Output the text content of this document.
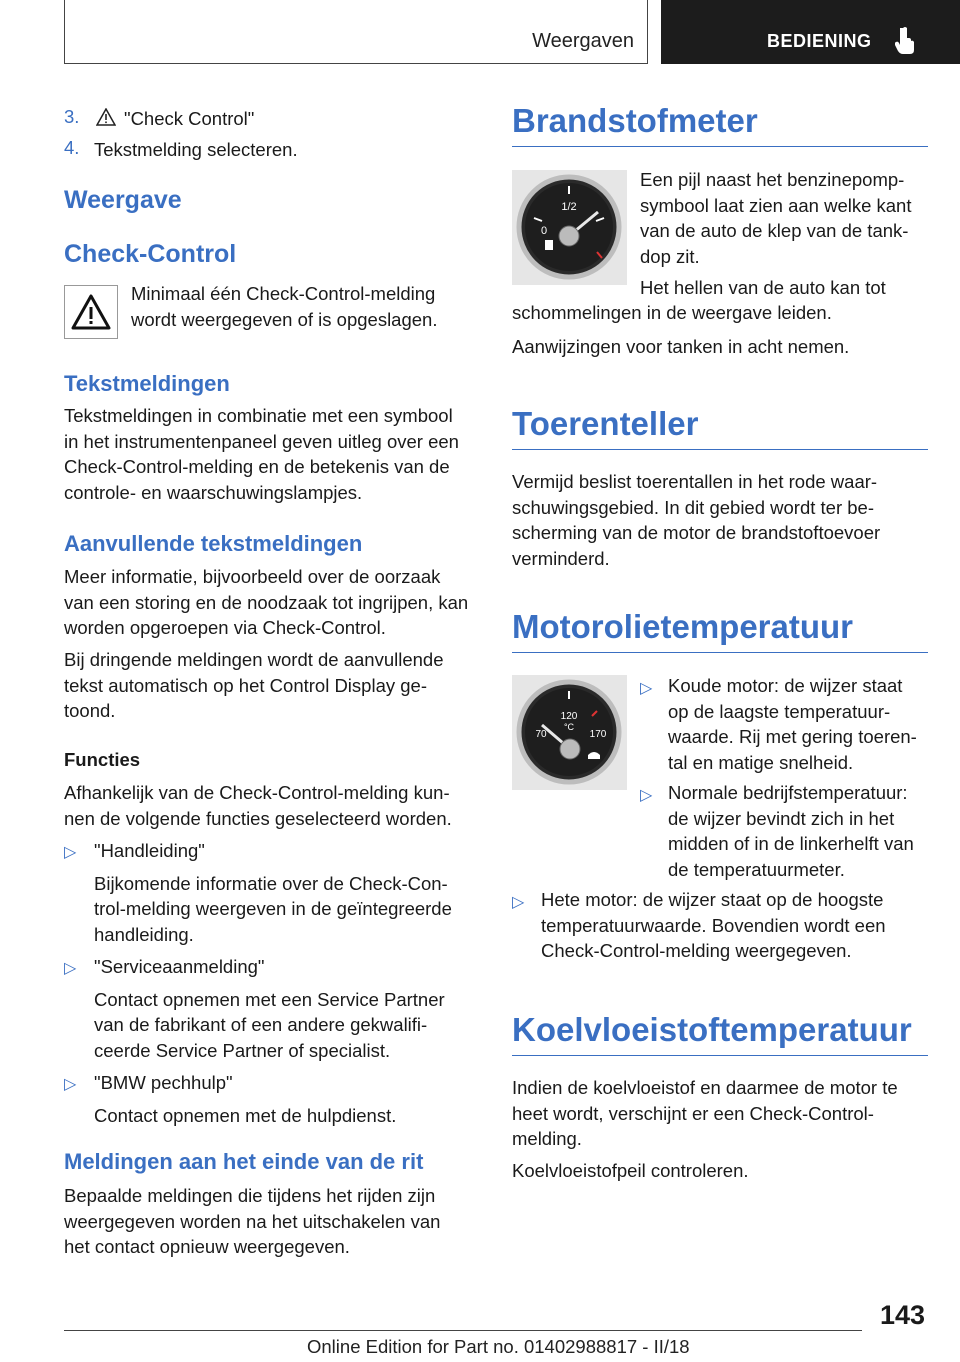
Weergaven	BEDIENING
3. "Check Control"
4. Tekstmelding selecteren.
Weergave
Check-Control
Minimaal één Check-Control-melding
wordt weergegeven of is opgeslagen.
Tekstmeldingen
Tekstmeldingen in combinatie met een symbool
in het instrumentenpaneel geven uitleg over een
Check-Control-melding en de betekenis van de
controle- en waarschuwingslampjes.
Aanvullende tekstmeldingen
Meer informatie, bijvoorbeeld over de oorzaak
van een storing en de noodzaak tot ingrijpen, kan
worden opgeroepen via Check-Control.
Bij dringende meldingen wordt de aanvullende
tekst automatisch op het Control Display ge-
toond.
Functies
Afhankelijk van de Check-Control-melding kun-
nen de volgende functies geselecteerd worden.
▷ "Handleiding"
Bijkomende informatie over de Check-Con-
trol-melding weergeven in de geïntegreerde
handleiding.
▷ "Serviceaanmelding"
Contact opnemen met een Service Partner
van de fabrikant of een andere gekwalifi-
ceerde Service Partner of specialist.
▷ "BMW pechhulp"
Contact opnemen met de hulpdienst.
Meldingen aan het einde van de rit
Bepaalde meldingen die tijdens het rijden zijn
weergegeven worden na het uitschakelen van
het contact opnieuw weergegeven.
Brandstofmeter
1/2
0
Een pijl naast het benzinepomp-
symbool laat zien aan welke kant
van de auto de klep van de tank-
dop zit.
Het hellen van de auto kan tot
schommelingen in de weergave leiden.
Aanwijzingen voor tanken in acht nemen.
Toerenteller
Vermijd beslist toerentallen in het rode waar-
schuwingsgebied. In dit gebied wordt ter be-
scherming van de motor de brandstoftoevoer
verminderd.
Motorolietemperatuur
120
°C
70	170
▷ Koude motor: de wijzer staat
op de laagste temperatuur-
waarde. Rij met gering toeren-
tal en matige snelheid.
▷ Normale bedrijfstemperatuur:
de wijzer bevindt zich in het
midden of in de linkerhelft van
de temperatuurmeter.
▷ Hete motor: de wijzer staat op de hoogste
temperatuurwaarde. Bovendien wordt een
Check-Control-melding weergegeven.
Koelvloeistoftemperatuur
Indien de koelvloeistof en daarmee de motor te
heet wordt, verschijnt er een Check-Control-
melding.
Koelvloeistofpeil controleren.
143
Online Edition for Part no. 01402988817 - II/18
